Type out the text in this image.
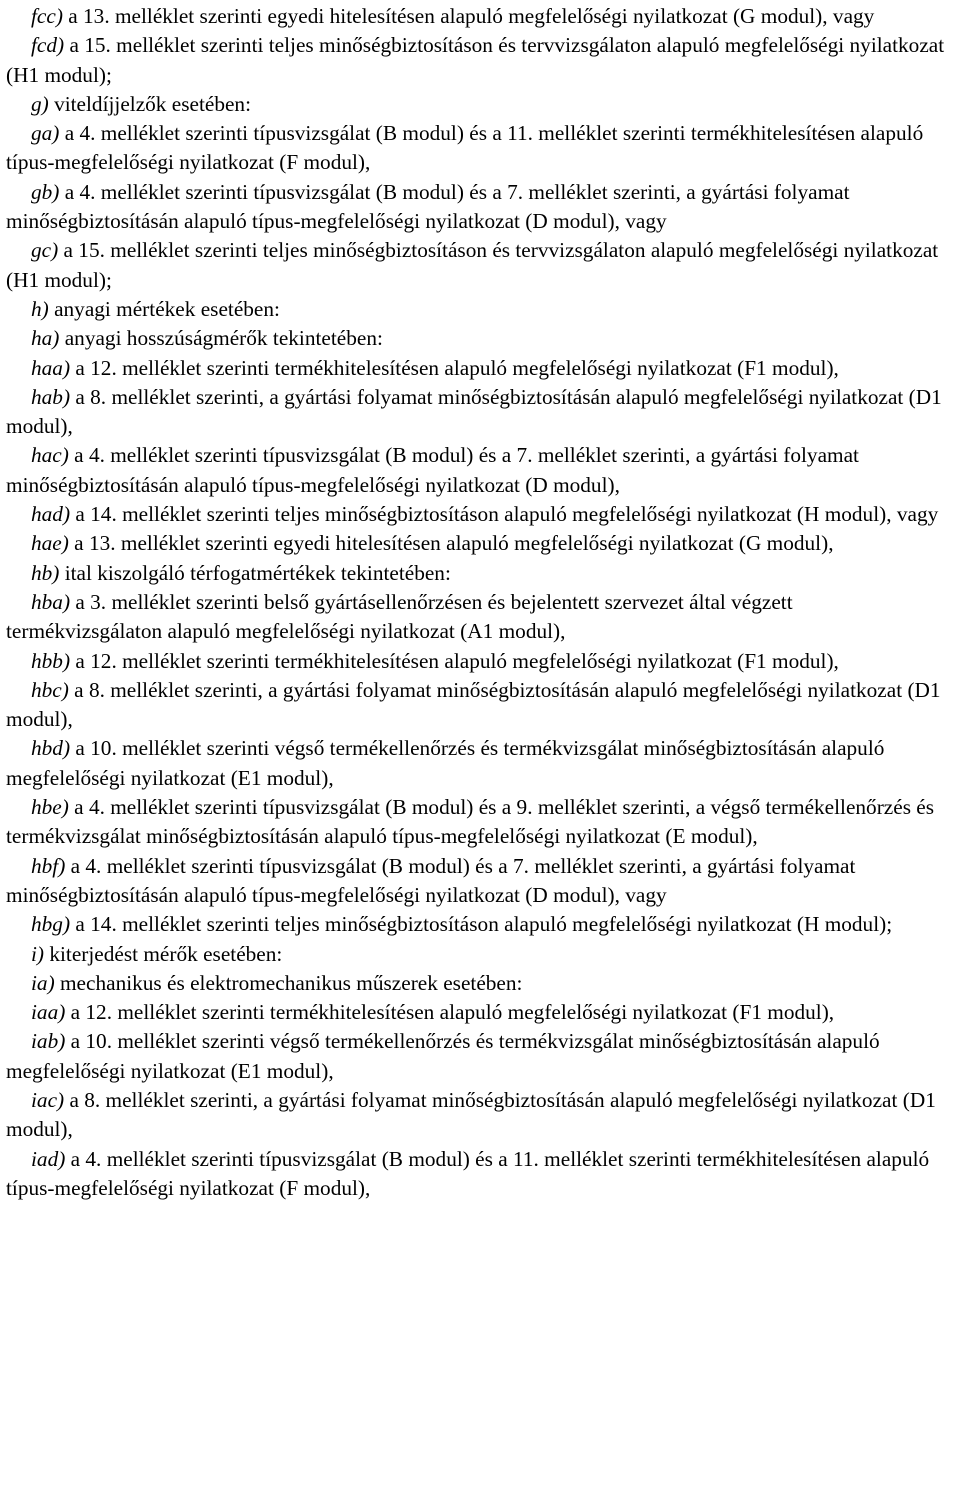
fcc) a 13. melléklet szerinti egyedi hitelesítésen alapuló megfelelőségi nyilatkozat (G modul), vagy

fcd) a 15. melléklet szerinti teljes minőségbiztosításon és tervvizsgálaton alapuló megfelelőségi nyilatkozat (H1 modul);

g) viteldíjjelzők esetében:

ga) a 4. melléklet szerinti típusvizsgálat (B modul) és a 11. melléklet szerinti termékhitelesítésen alapuló típus-megfelelőségi nyilatkozat (F modul),

gb) a 4. melléklet szerinti típusvizsgálat (B modul) és a 7. melléklet szerinti, a gyártási folyamat minőségbiztosításán alapuló típus-megfelelőségi nyilatkozat (D modul), vagy

gc) a 15. melléklet szerinti teljes minőségbiztosításon és tervvizsgálaton alapuló megfelelőségi nyilatkozat (H1 modul);

h) anyagi mértékek esetében:

ha) anyagi hosszúságmérők tekintetében:

haa) a 12. melléklet szerinti termékhitelesítésen alapuló megfelelőségi nyilatkozat (F1 modul),

hab) a 8. melléklet szerinti, a gyártási folyamat minőségbiztosításán alapuló megfelelőségi nyilatkozat (D1 modul),

hac) a 4. melléklet szerinti típusvizsgálat (B modul) és a 7. melléklet szerinti, a gyártási folyamat minőségbiztosításán alapuló típus-megfelelőségi nyilatkozat (D modul),

had) a 14. melléklet szerinti teljes minőségbiztosításon alapuló megfelelőségi nyilatkozat (H modul), vagy

hae) a 13. melléklet szerinti egyedi hitelesítésen alapuló megfelelőségi nyilatkozat (G modul),

hb) ital kiszolgáló térfogatmértékek tekintetében:

hba) a 3. melléklet szerinti belső gyártásellenőrzésen és bejelentett szervezet által végzett termékvizsgálaton alapuló megfelelőségi nyilatkozat (A1 modul),

hbb) a 12. melléklet szerinti termékhitelesítésen alapuló megfelelőségi nyilatkozat (F1 modul),

hbc) a 8. melléklet szerinti, a gyártási folyamat minőségbiztosításán alapuló megfelelőségi nyilatkozat (D1 modul),

hbd) a 10. melléklet szerinti végső termékellenőrzés és termékvizsgálat minőségbiztosításán alapuló megfelelőségi nyilatkozat (E1 modul),

hbe) a 4. melléklet szerinti típusvizsgálat (B modul) és a 9. melléklet szerinti, a végső termékellenőrzés és termékvizsgálat minőségbiztosításán alapuló típus-megfelelőségi nyilatkozat (E modul),

hbf) a 4. melléklet szerinti típusvizsgálat (B modul) és a 7. melléklet szerinti, a gyártási folyamat minőségbiztosításán alapuló típus-megfelelőségi nyilatkozat (D modul), vagy

hbg) a 14. melléklet szerinti teljes minőségbiztosításon alapuló megfelelőségi nyilatkozat (H modul);

i) kiterjedést mérők esetében:

ia) mechanikus és elektromechanikus műszerek esetében:

iaa) a 12. melléklet szerinti termékhitelesítésen alapuló megfelelőségi nyilatkozat (F1 modul),

iab) a 10. melléklet szerinti végső termékellenőrzés és termékvizsgálat minőségbiztosításán alapuló megfelelőségi nyilatkozat (E1 modul),

iac) a 8. melléklet szerinti, a gyártási folyamat minőségbiztosításán alapuló megfelelőségi nyilatkozat (D1 modul),

iad) a 4. melléklet szerinti típusvizsgálat (B modul) és a 11. melléklet szerinti termékhitelesítésen alapuló típus-megfelelőségi nyilatkozat (F modul),
